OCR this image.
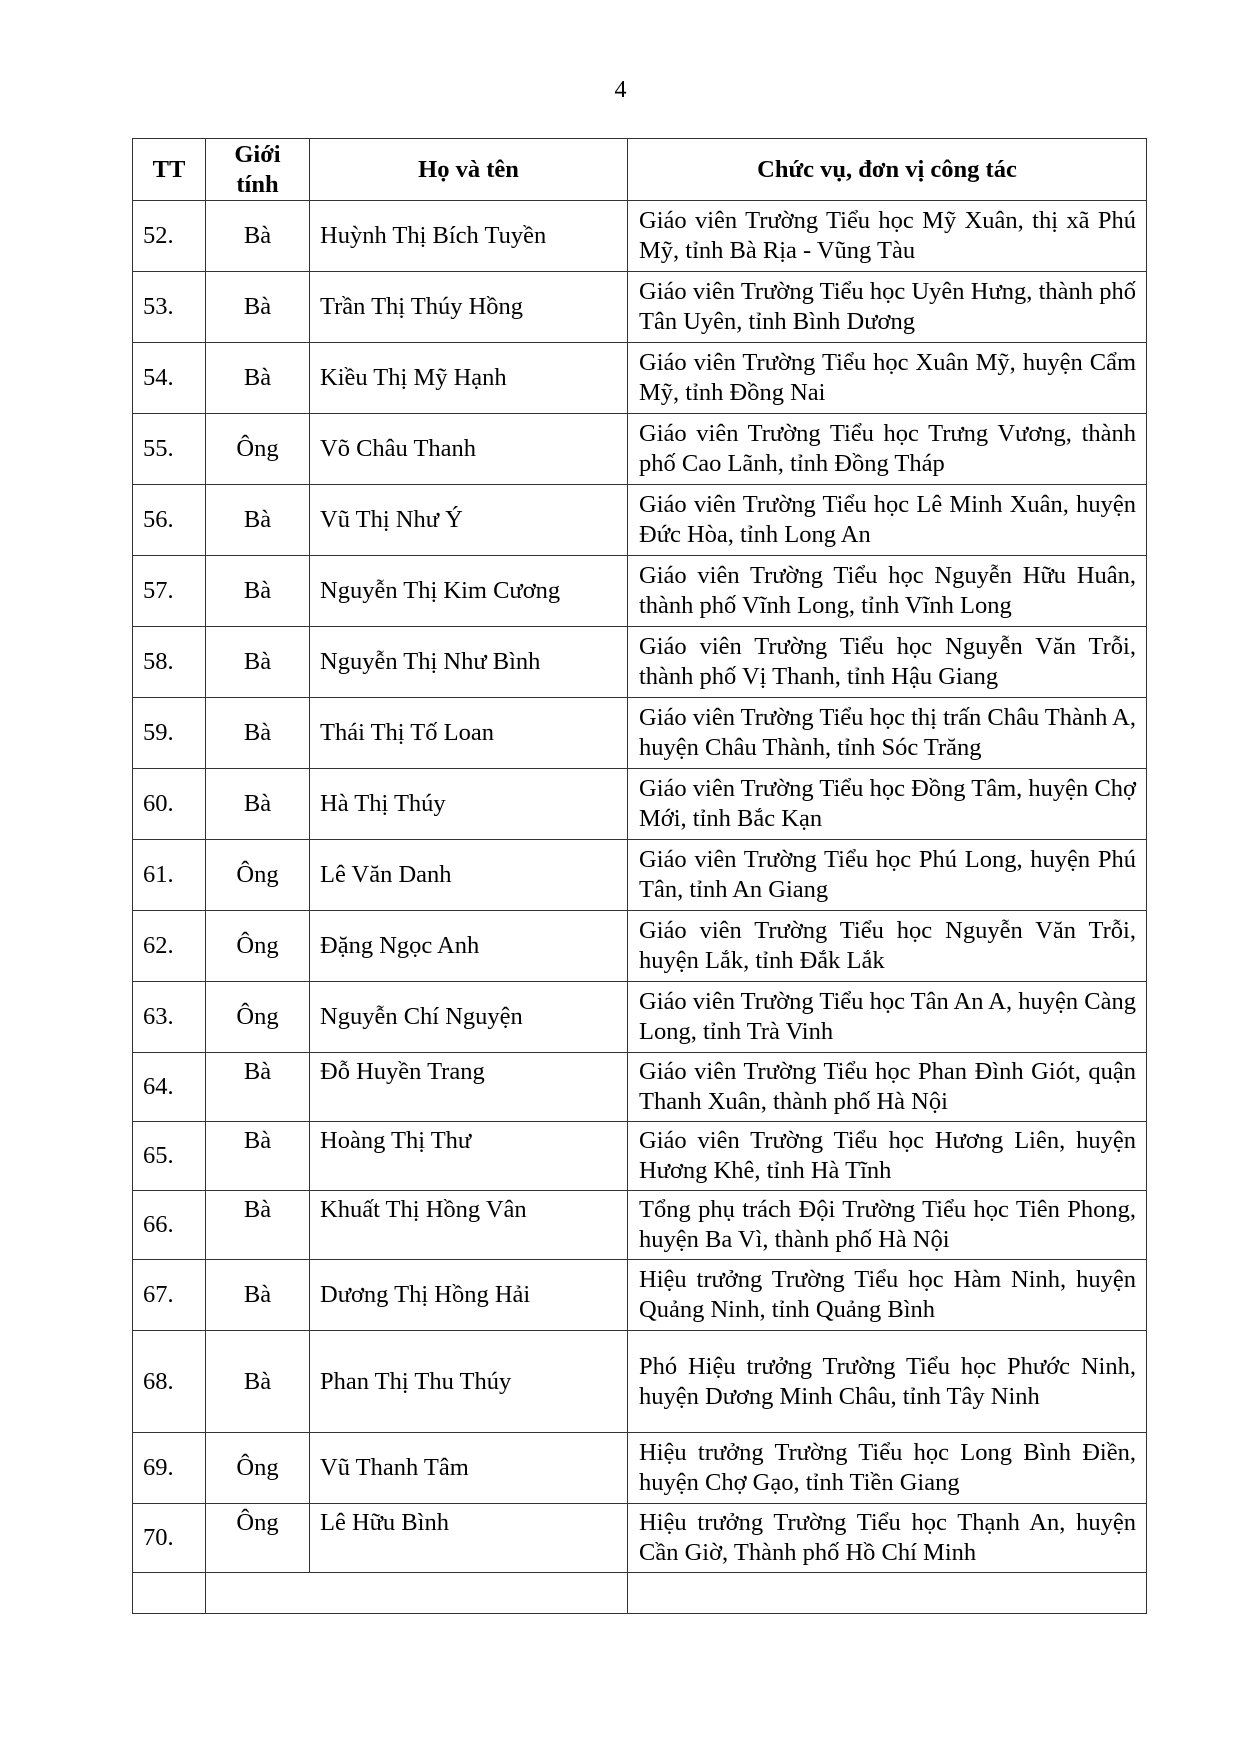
4
TT	Giới tính	Họ và tên	Chức vụ, đơn vị công tác
52.	Bà	Huỳnh Thị Bích Tuyền	Giáo viên Trường Tiểu học Mỹ Xuân, thị xã Phú Mỹ, tỉnh Bà Rịa - Vũng Tàu
53.	Bà	Trần Thị Thúy Hồng	Giáo viên Trường Tiểu học Uyên Hưng, thành phố Tân Uyên, tỉnh Bình Dương
54.	Bà	Kiều Thị Mỹ Hạnh	Giáo viên Trường Tiểu học Xuân Mỹ, huyện Cẩm Mỹ, tỉnh Đồng Nai
55.	Ông	Võ Châu Thanh	Giáo viên Trường Tiểu học Trưng Vương, thành phố Cao Lãnh, tỉnh Đồng Tháp
56.	Bà	Vũ Thị Như Ý	Giáo viên Trường Tiểu học Lê Minh Xuân, huyện Đức Hòa, tỉnh Long An
57.	Bà	Nguyễn Thị Kim Cương	Giáo viên Trường Tiểu học Nguyễn Hữu Huân, thành phố Vĩnh Long, tỉnh Vĩnh Long
58.	Bà	Nguyễn Thị Như Bình	Giáo viên Trường Tiểu học Nguyễn Văn Trỗi, thành phố Vị Thanh, tỉnh Hậu Giang
59.	Bà	Thái Thị Tố Loan	Giáo viên Trường Tiểu học thị trấn Châu Thành A, huyện Châu Thành, tỉnh Sóc Trăng
60.	Bà	Hà Thị Thúy	Giáo viên Trường Tiểu học Đồng Tâm, huyện Chợ Mới, tỉnh Bắc Kạn
61.	Ông	Lê Văn Danh	Giáo viên Trường Tiểu học Phú Long, huyện Phú Tân, tỉnh An Giang
62.	Ông	Đặng Ngọc Anh	Giáo viên Trường Tiểu học Nguyễn Văn Trỗi, huyện Lắk, tỉnh Đắk Lắk
63.	Ông	Nguyễn Chí Nguyện	Giáo viên Trường Tiểu học Tân An A, huyện Càng Long, tỉnh Trà Vinh
64.	Bà	Đỗ Huyền Trang	Giáo viên Trường Tiểu học Phan Đình Giót, quận Thanh Xuân, thành phố Hà Nội
65.	Bà	Hoàng Thị Thư	Giáo viên Trường Tiểu học Hương Liên, huyện Hương Khê, tỉnh Hà Tĩnh
66.	Bà	Khuất Thị Hồng Vân	Tổng phụ trách Đội Trường Tiểu học Tiên Phong, huyện Ba Vì, thành phố Hà Nội
67.	Bà	Dương Thị Hồng Hải	Hiệu trưởng Trường Tiểu học Hàm Ninh, huyện Quảng Ninh, tỉnh Quảng Bình
68.	Bà	Phan Thị Thu Thúy	Phó Hiệu trưởng Trường Tiểu học Phước Ninh, huyện Dương Minh Châu, tỉnh Tây Ninh
69.	Ông	Vũ Thanh Tâm	Hiệu trưởng Trường Tiểu học Long Bình Điền, huyện Chợ Gạo, tỉnh Tiền Giang
70.	Ông	Lê Hữu Bình	Hiệu trưởng Trường Tiểu học Thạnh An, huyện Cần Giờ, Thành phố Hồ Chí Minh
